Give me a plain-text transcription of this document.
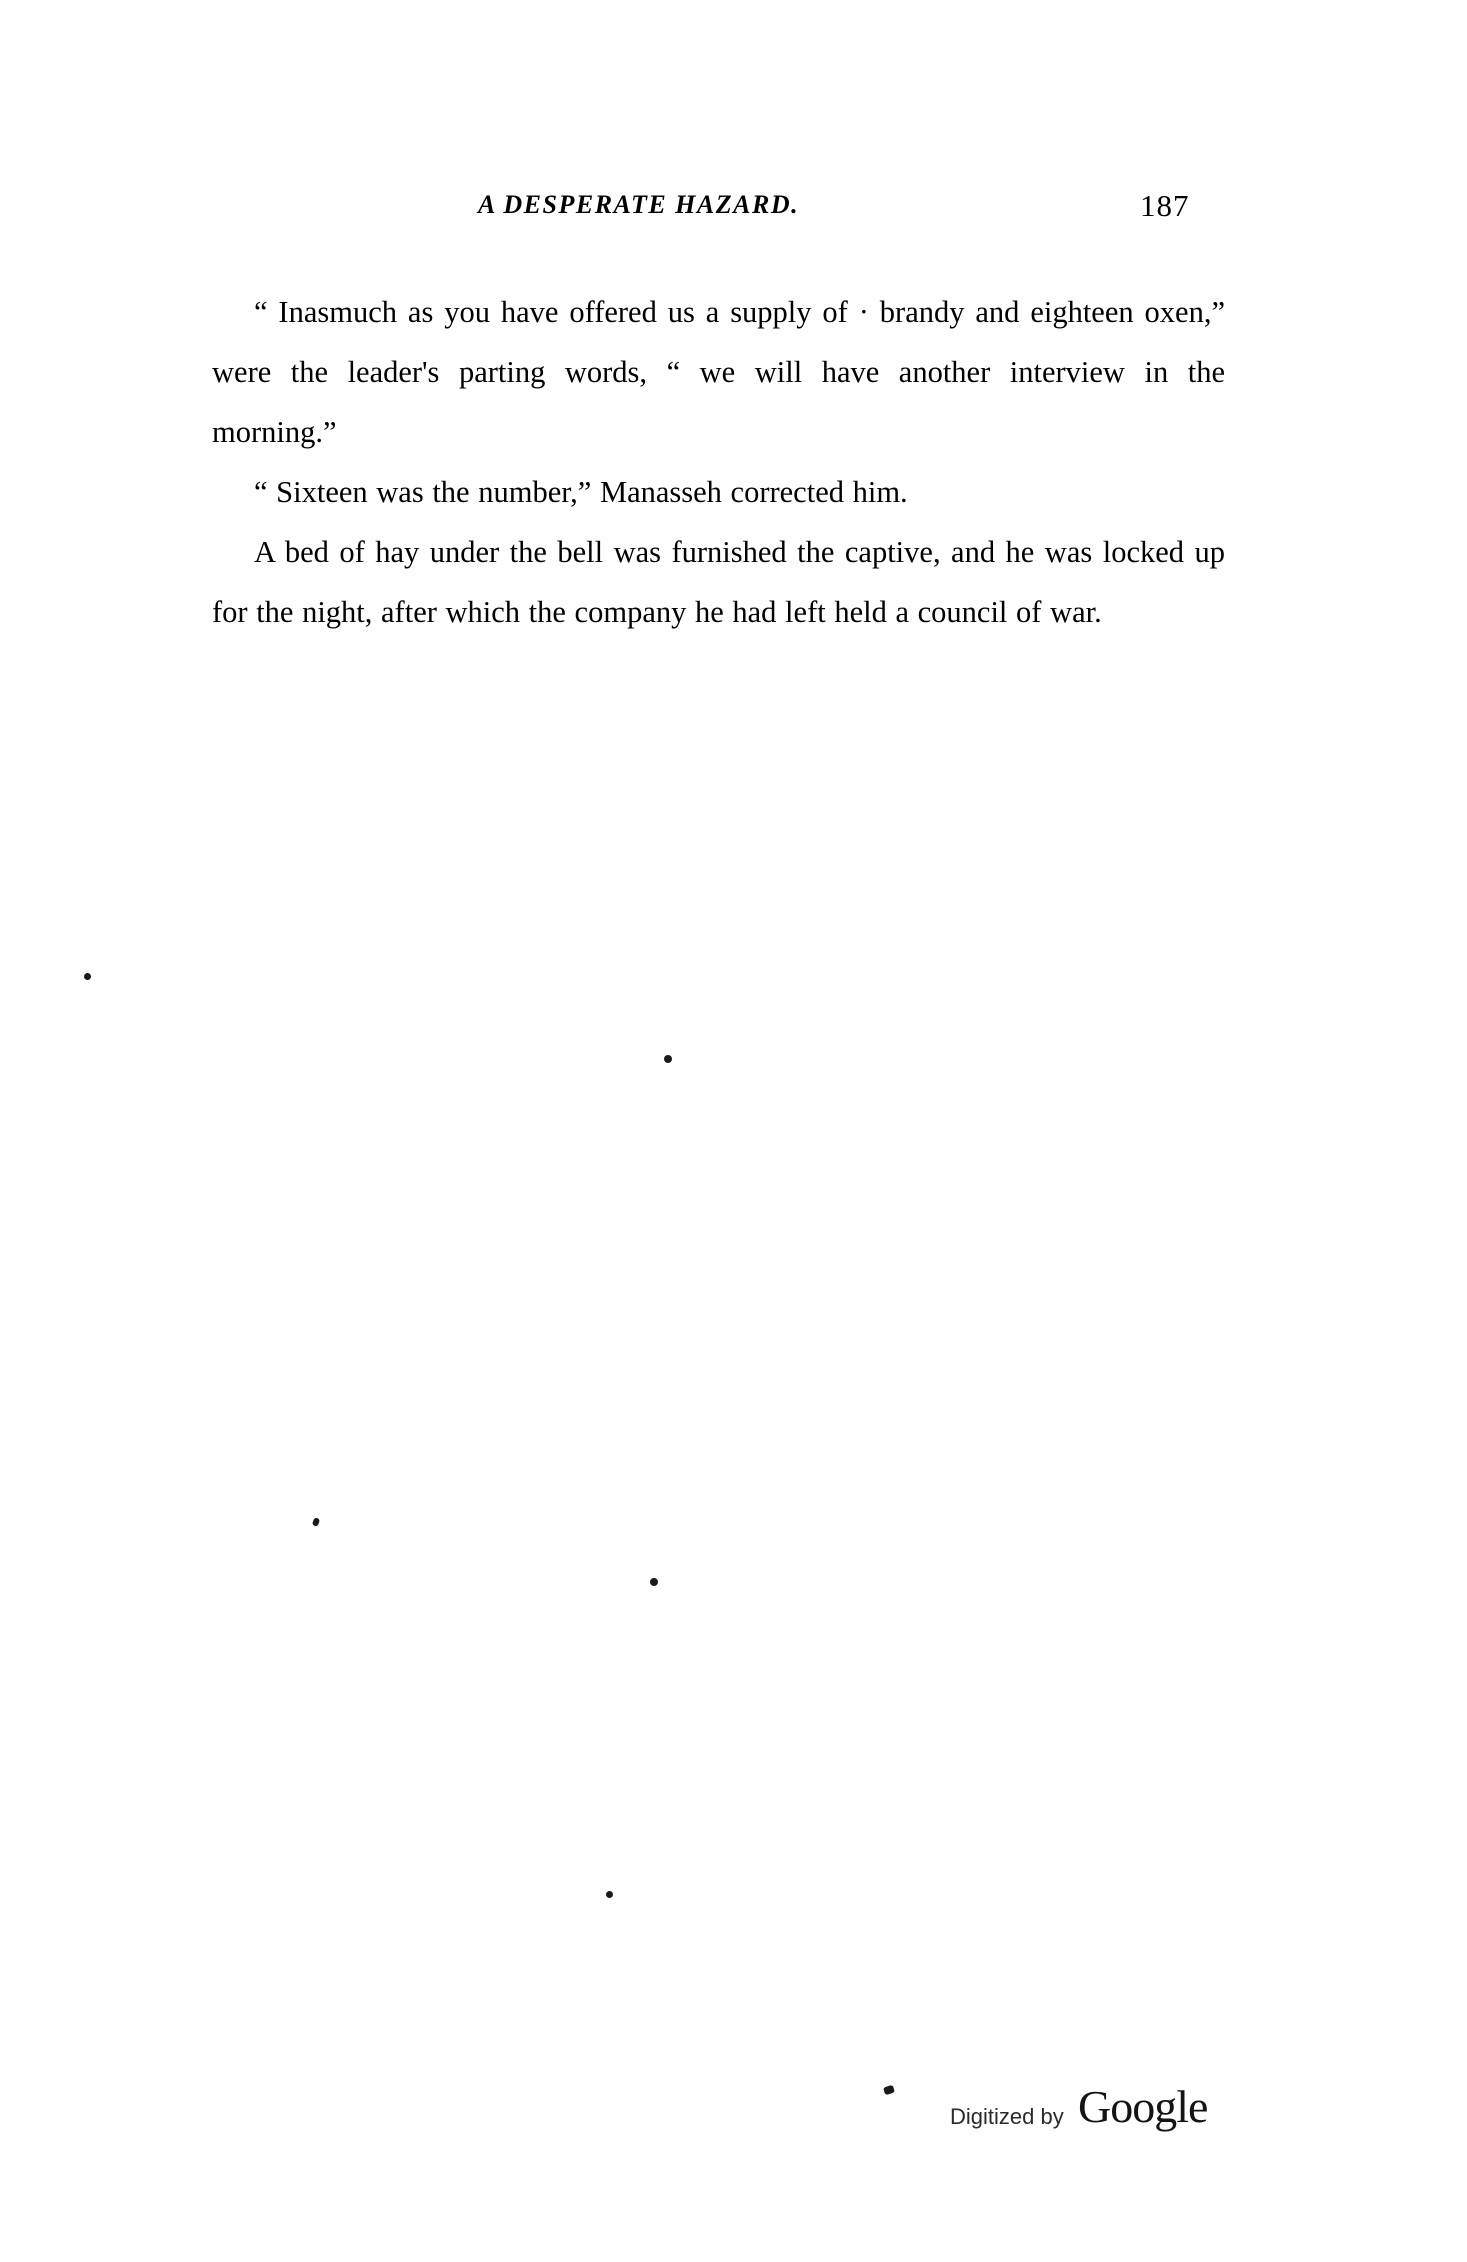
A DESPERATE HAZARD.	187

“ Inasmuch as you have offered us a supply of · brandy and eighteen oxen,” were the leader's parting words, “ we will have another interview in the morning.”

“ Sixteen was the number,” Manasseh corrected him.

A bed of hay under the bell was furnished the captive, and he was locked up for the night, after which the company he had left held a council of war.

Digitized by Google
